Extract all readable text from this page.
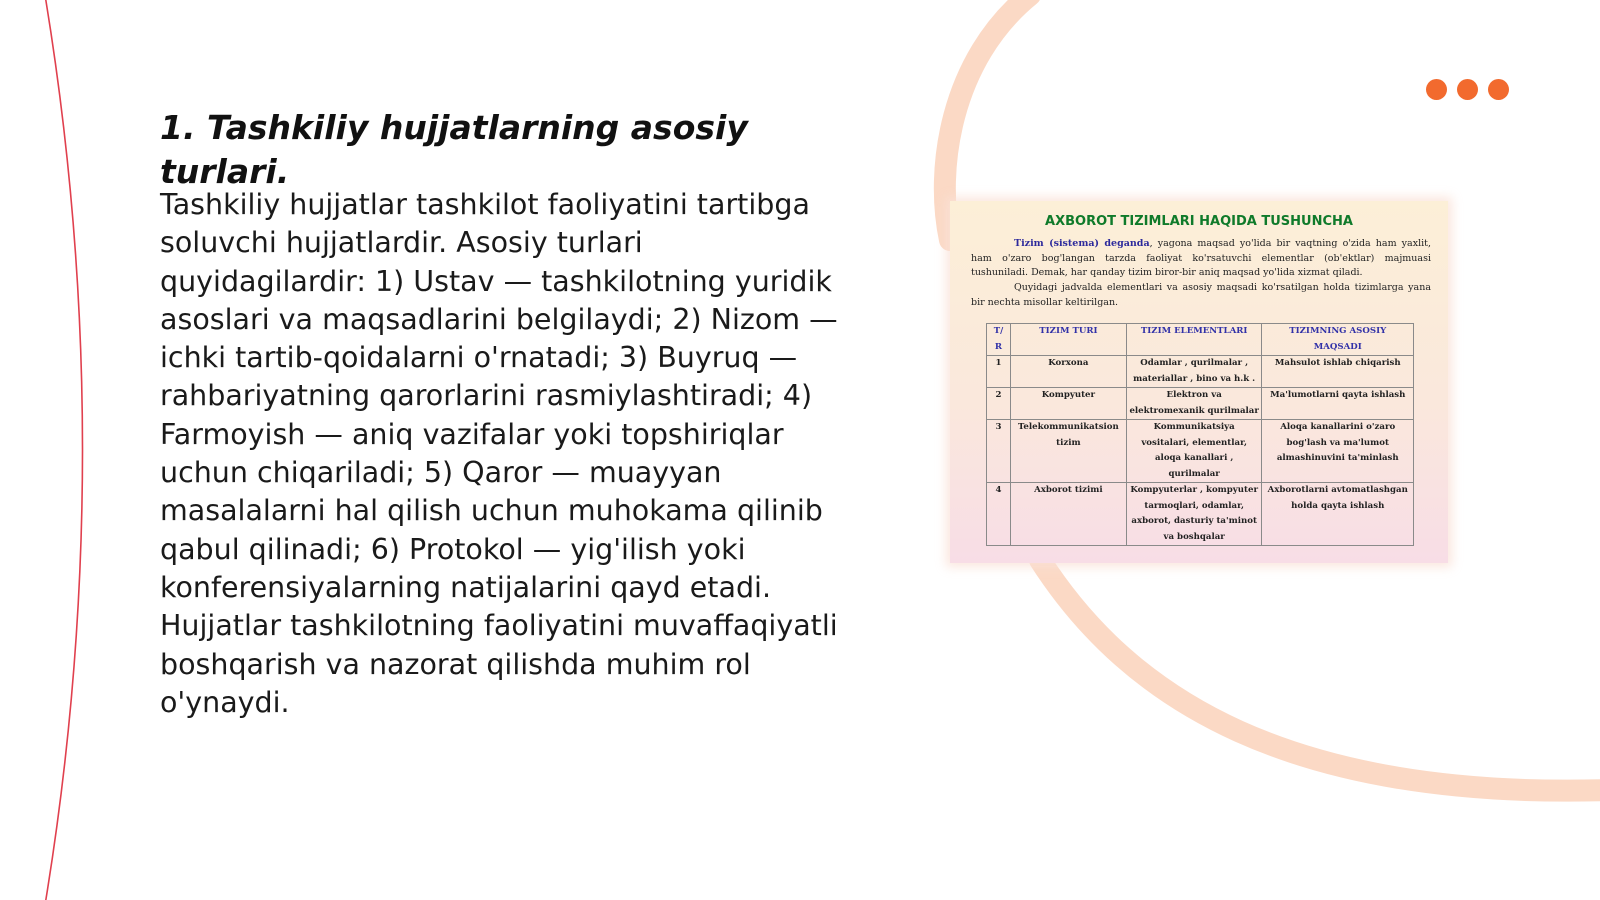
1. Tashkiliy hujjatlarning asosiy turlari.

Tashkiliy hujjatlar tashkilot faoliyatini tartibga soluvchi hujjatlardir. Asosiy turlari quyidagilardir: 1) Ustav — tashkilotning yuridik asoslari va maqsadlarini belgilaydi; 2) Nizom — ichki tartib-qoidalarni o'rnatadi; 3) Buyruq — rahbariyatning qarorlarini rasmiylashtiradi; 4) Farmoyish — aniq vazifalar yoki topshiriqlar uchun chiqariladi; 5) Qaror — muayyan masalalarni hal qilish uchun muhokama qilinib qabul qilinadi; 6) Protokol — yig'ilish yoki konferensiyalarning natijalarini qayd etadi. Hujjatlar tashkilotning faoliyatini muvaffaqiyatli boshqarish va nazorat qilishda muhim rol o'ynaydi.

AXBOROT TIZIMLARI HAQIDA TUSHUNCHA

Tizim (sistema) deganda, yagona maqsad yo'lida bir vaqtning o'zida ham yaxlit, ham o'zaro bog'langan tarzda faoliyat ko'rsatuvchi elementlar (ob'ektlar) majmuasi tushuniladi. Demak, har qanday tizim biror-bir aniq maqsad yo'lida xizmat qiladi.

Quyidagi jadvalda elementlari va asosiy maqsadi ko'rsatilgan holda tizimlarga yana bir nechta misollar keltirilgan.

T/ R	TIZIM TURI	TIZIM ELEMENTLARI	TIZIMNING ASOSIY MAQSADI
1	Korxona	Odamlar , qurilmalar , materiallar , bino va h.k .	Mahsulot ishlab chiqarish
2	Kompyuter	Elektron va elektromexanik qurilmalar	Ma'lumotlarni qayta ishlash
3	Telekommunikatsion tizim	Kommunikatsiya vositalari, elementlar, aloqa kanallari , qurilmalar	Aloqa kanallarini o'zaro bog'lash va ma'lumot almashinuvini ta'minlash
4	Axborot tizimi	Kompyuterlar , kompyuter tarmoqlari, odamlar, axborot, dasturiy ta'minot va boshqalar	Axborotlarni avtomatlashgan holda qayta ishlash
